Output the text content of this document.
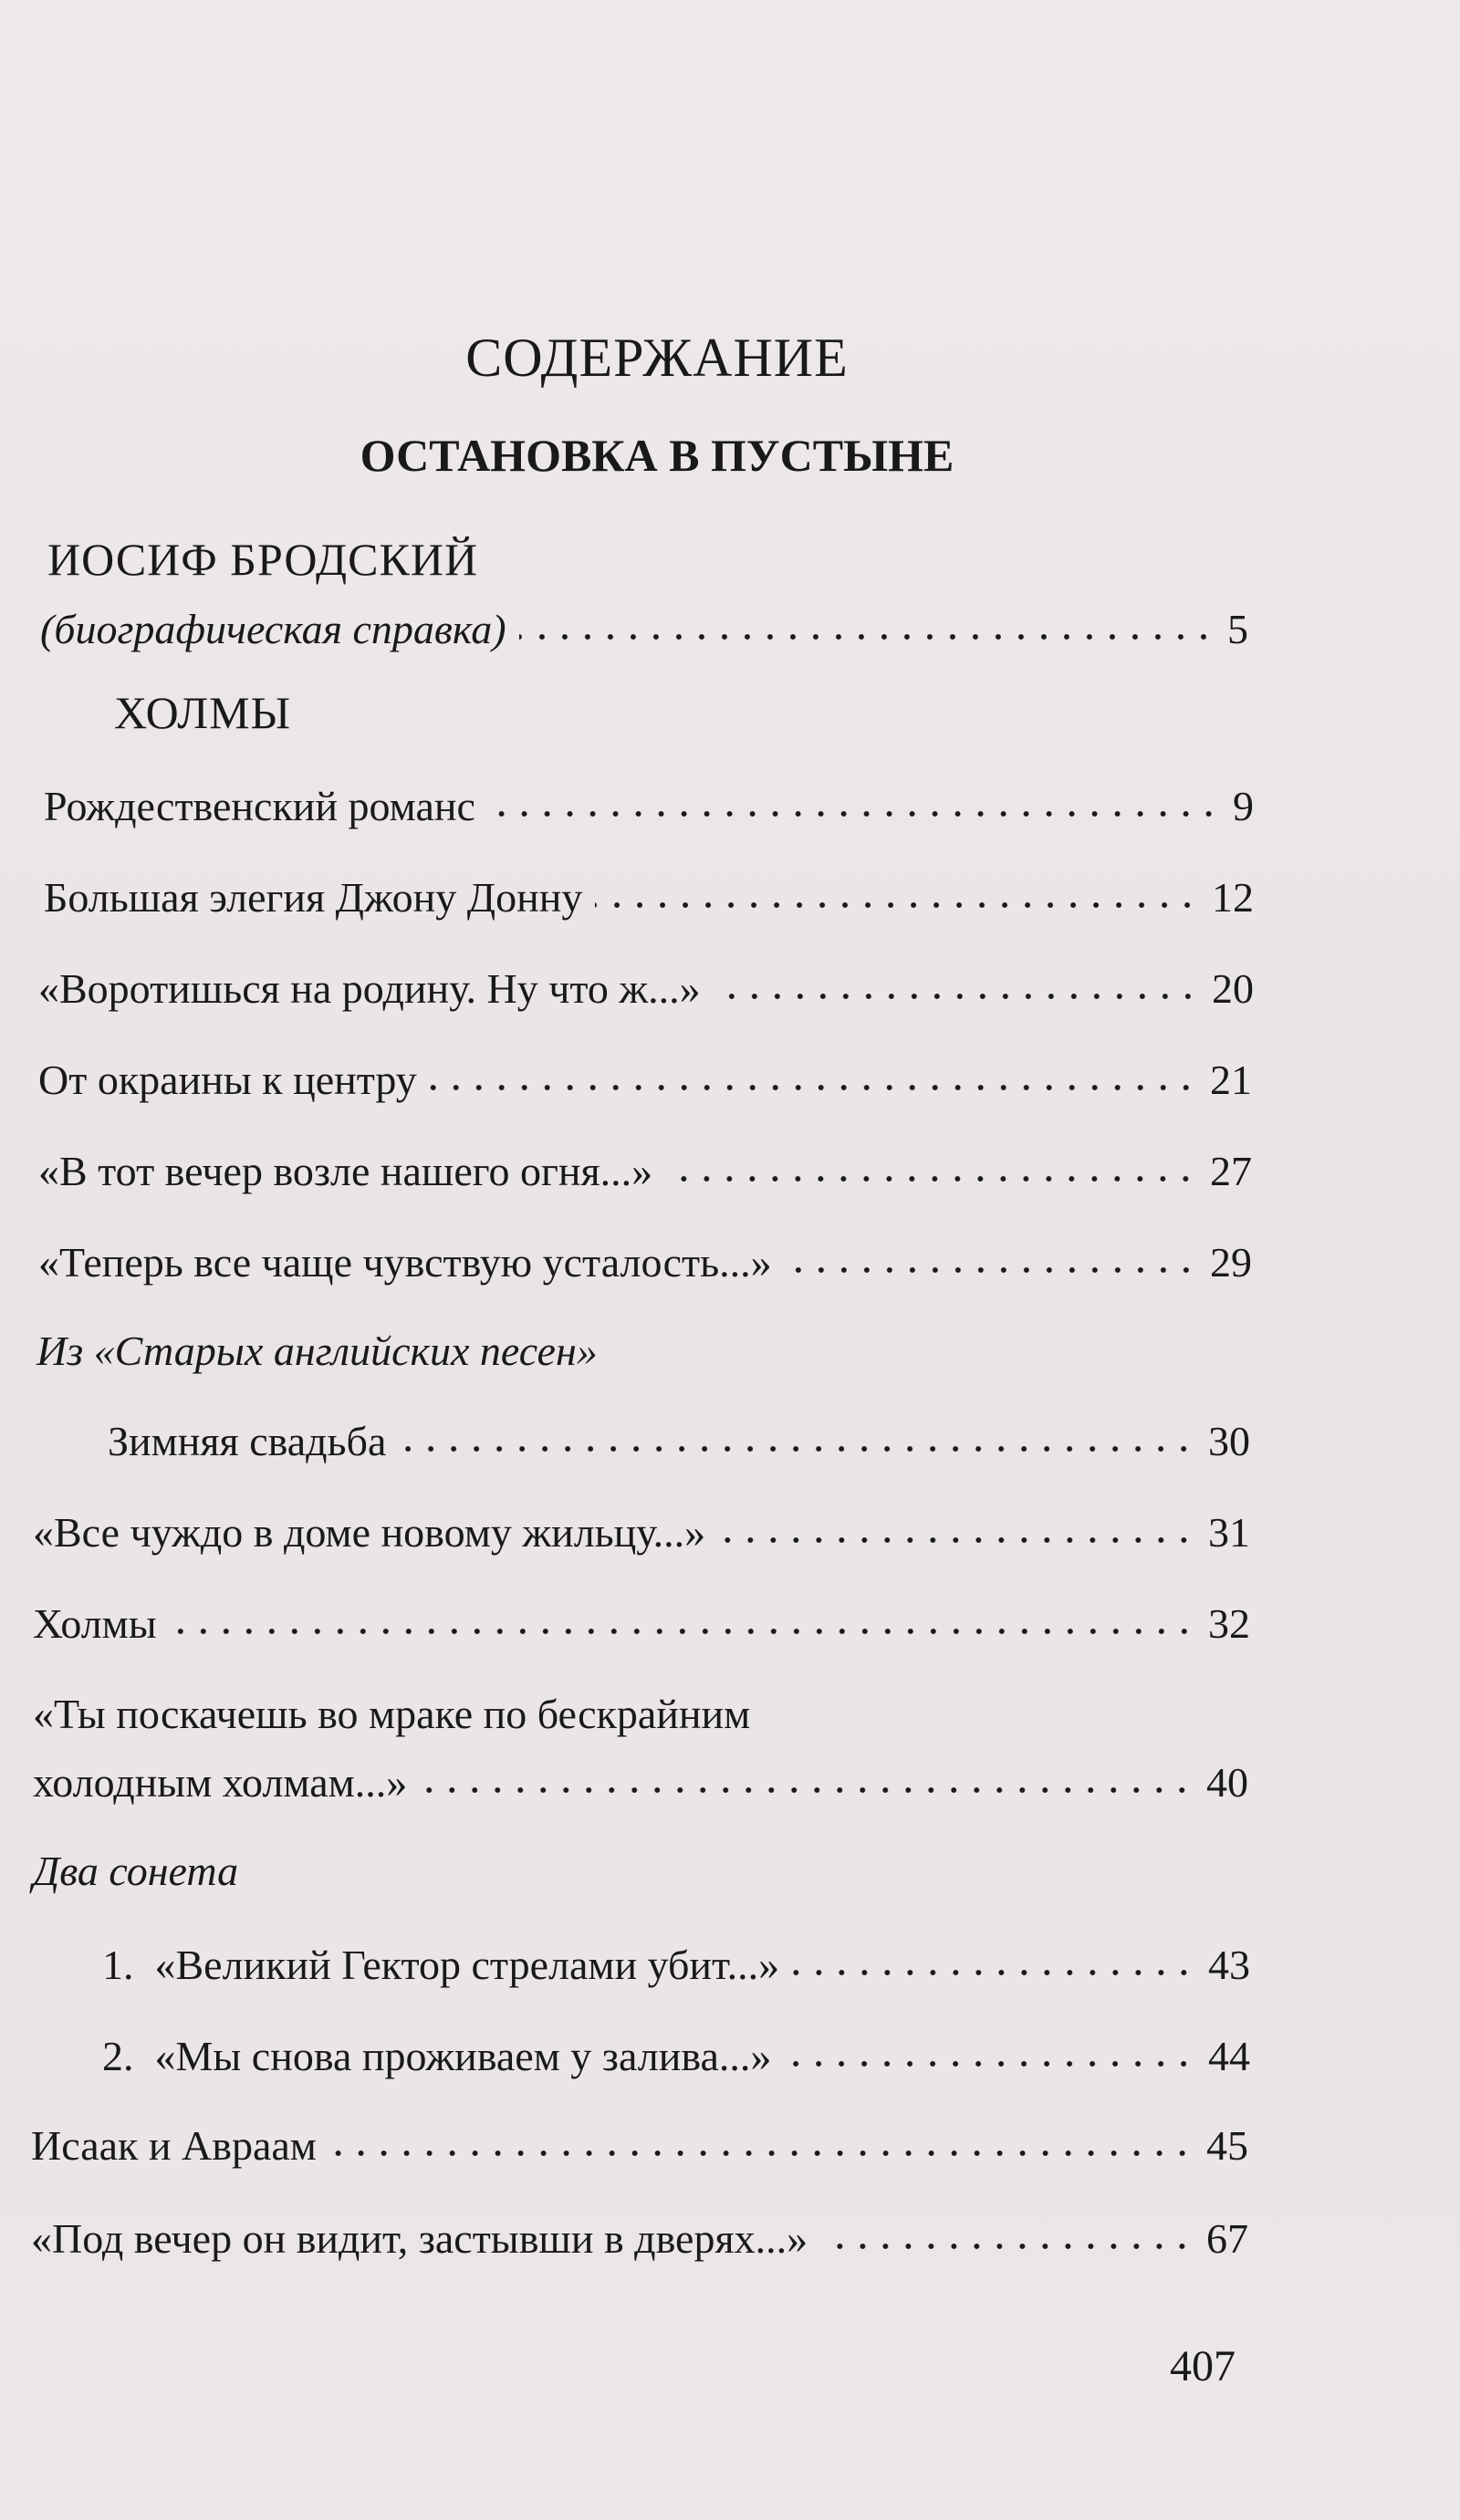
СОДЕРЖАНИЕ
ОСТАНОВКА В ПУСТЫНЕ
ИОСИФ БРОДСКИЙ
(биографическая справка)	5
ХОЛМЫ
Рождественский романс	9
Большая элегия Джону Донну	12
«Воротишься на родину. Ну что ж...»	20
От окраины к центру	21
«В тот вечер возле нашего огня...»	27
«Теперь все чаще чувствую усталость...»	29
Из «Старых английских песен»
Зимняя свадьба	30
«Все чуждо в доме новому жильцу...»	31
Холмы	32
«Ты поскачешь во мраке по бескрайним
холодным холмам...»	40
Два сонета
1.  «Великий Гектор стрелами убит...»	43
2.  «Мы снова проживаем у залива...»	44
Исаак и Авраам	45
«Под вечер он видит, застывши в дверях...»	67
407
